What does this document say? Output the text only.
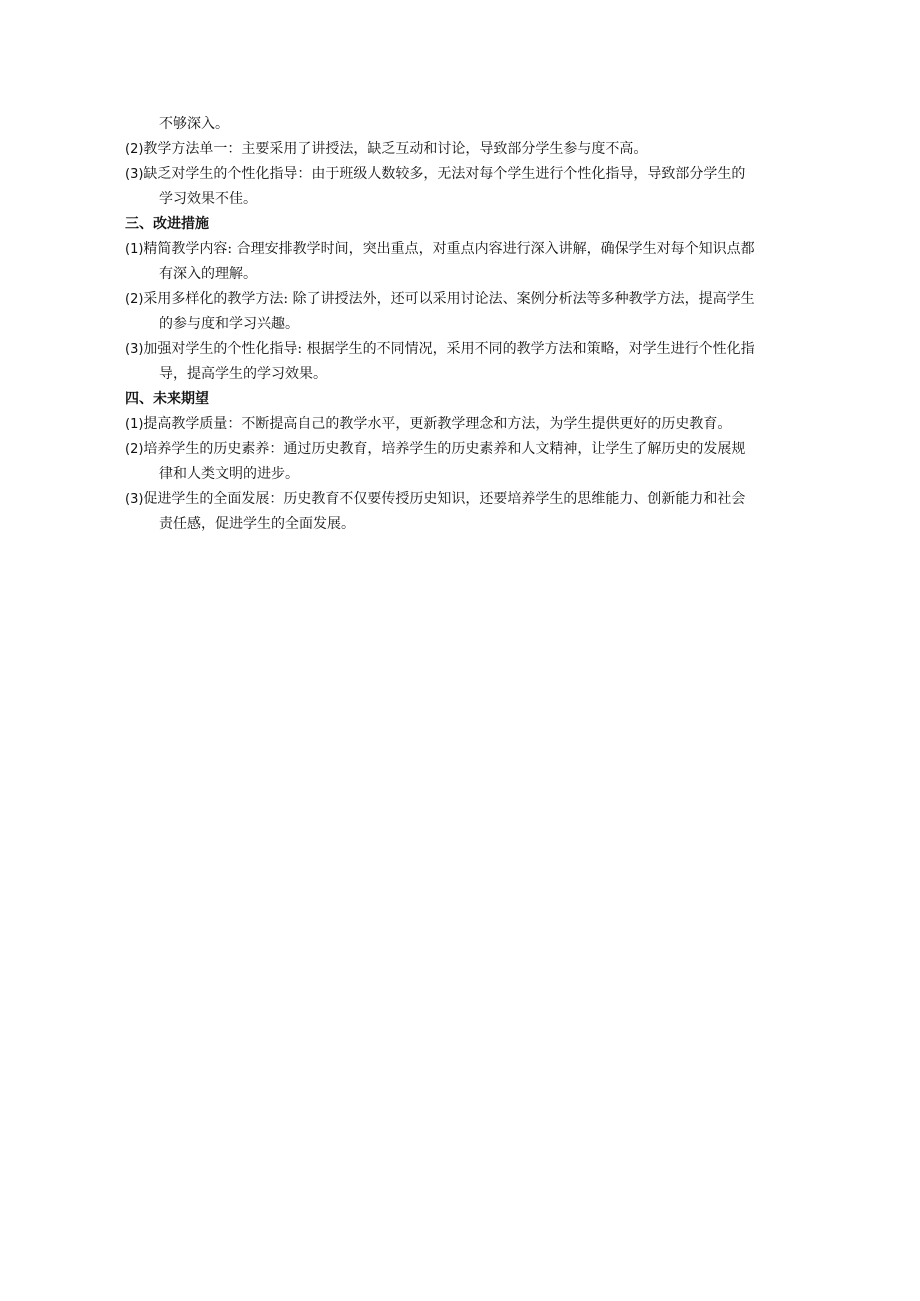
不够深入。
(2)教学方法单一：主要采用了讲授法，缺乏互动和讨论，导致部分学生参与度不高。
(3)缺乏对学生的个性化指导：由于班级人数较多，无法对每个学生进行个性化指导，导致部分学生的
学习效果不佳。
三、改进措施
(1)精简教学内容: 合理安排教学时间，突出重点，对重点内容进行深入讲解，确保学生对每个知识点都
有深入的理解。
(2)采用多样化的教学方法: 除了讲授法外，还可以采用讨论法、案例分析法等多种教学方法，提高学生
的参与度和学习兴趣。
(3)加强对学生的个性化指导: 根据学生的不同情况，采用不同的教学方法和策略，对学生进行个性化指
导，提高学生的学习效果。
四、未来期望
(1)提高教学质量：不断提高自己的教学水平，更新教学理念和方法，为学生提供更好的历史教育。
(2)培养学生的历史素养：通过历史教育，培养学生的历史素养和人文精神，让学生了解历史的发展规
律和人类文明的进步。
(3)促进学生的全面发展：历史教育不仅要传授历史知识，还要培养学生的思维能力、创新能力和社会
责任感，促进学生的全面发展。
